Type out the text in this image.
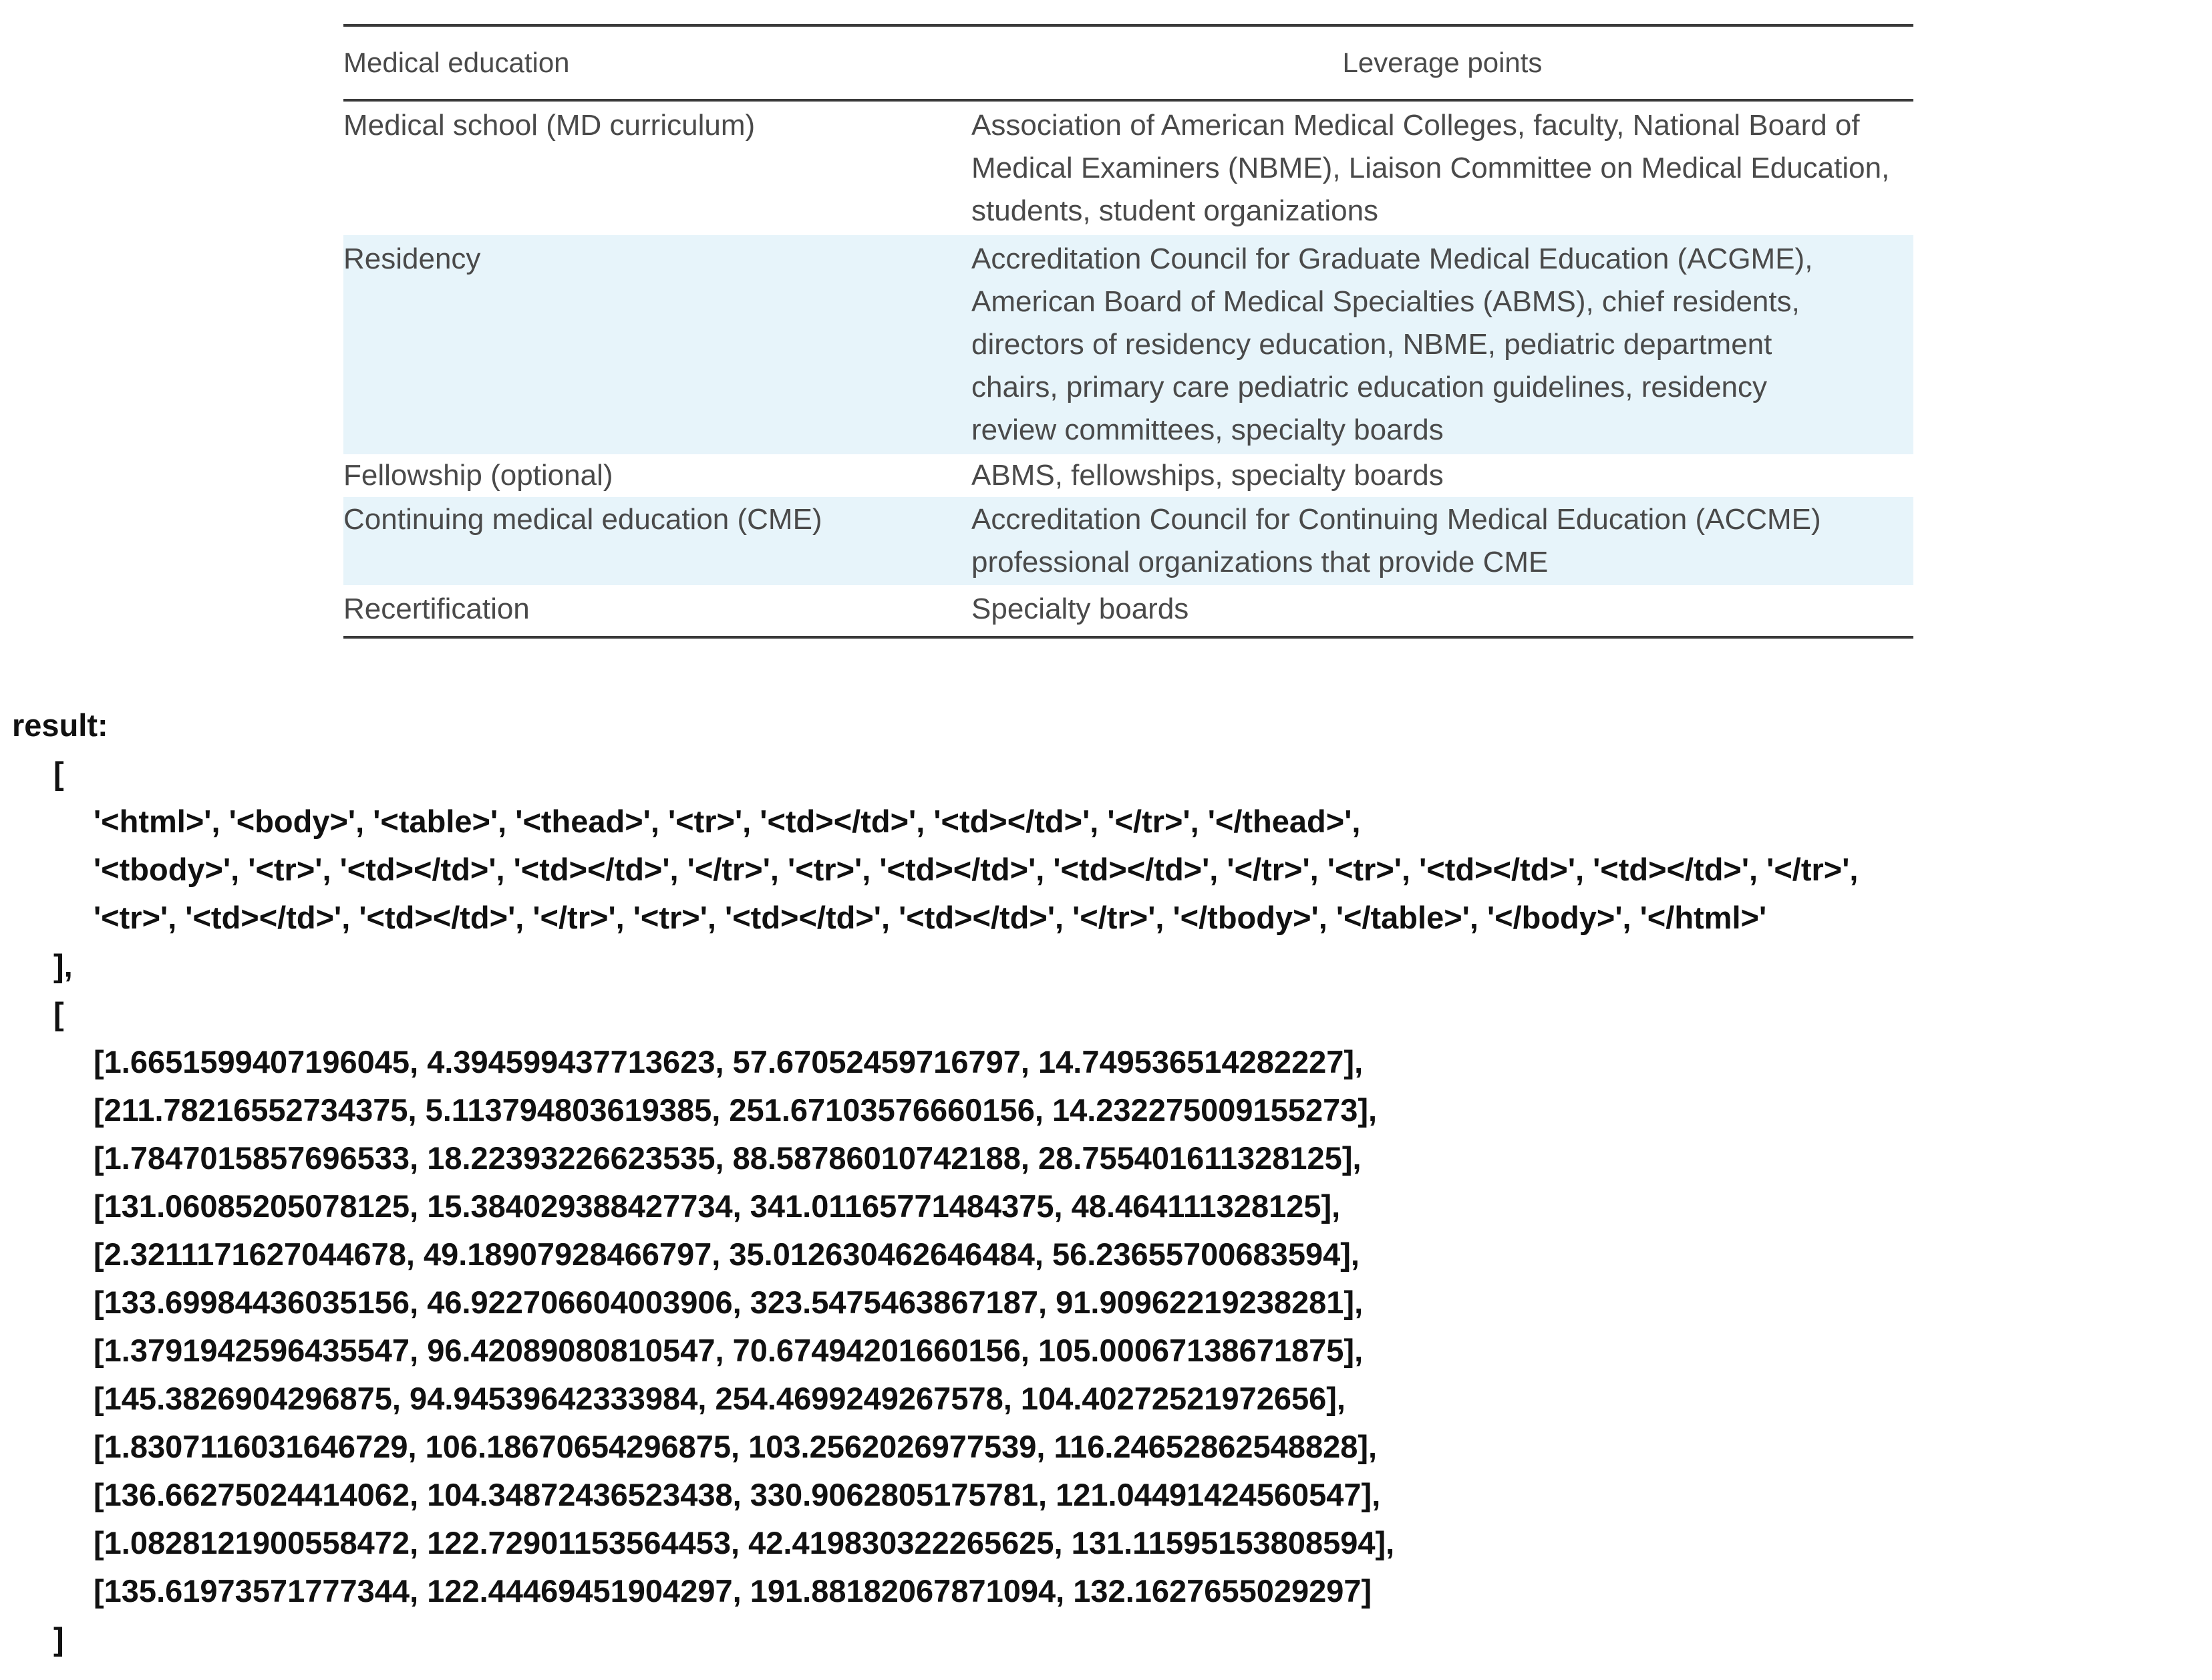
Medical education	Leverage points
Medical school (MD curriculum)	Association of American Medical Colleges, faculty, National Board of
Medical Examiners (NBME), Liaison Committee on Medical Education,
students, student organizations
Residency	Accreditation Council for Graduate Medical Education (ACGME),
American Board of Medical Specialties (ABMS), chief residents,
directors of residency education, NBME, pediatric department
chairs, primary care pediatric education guidelines, residency
review committees, specialty boards
Fellowship (optional)	ABMS, fellowships, specialty boards
Continuing medical education (CME)	Accreditation Council for Continuing Medical Education (ACCME)
professional organizations that provide CME
Recertification	Specialty boards
result:
[
'<html>', '<body>', '<table>', '<thead>', '<tr>', '<td></td>', '<td></td>', '</tr>', '</thead>',
'<tbody>', '<tr>', '<td></td>', '<td></td>', '</tr>', '<tr>', '<td></td>', '<td></td>', '</tr>', '<tr>', '<td></td>', '<td></td>', '</tr>',
'<tr>', '<td></td>', '<td></td>', '</tr>', '<tr>', '<td></td>', '<td></td>', '</tr>', '</tbody>', '</table>', '</body>', '</html>'
],
[
[1.6651599407196045, 4.394599437713623, 57.67052459716797, 14.749536514282227],
[211.78216552734375, 5.113794803619385, 251.67103576660156, 14.232275009155273],
[1.7847015857696533, 18.22393226623535, 88.58786010742188, 28.755401611328125],
[131.06085205078125, 15.384029388427734, 341.01165771484375, 48.464111328125],
[2.3211171627044678, 49.18907928466797, 35.012630462646484, 56.23655700683594],
[133.69984436035156, 46.922706604003906, 323.5475463867187, 91.90962219238281],
[1.3791942596435547, 96.42089080810547, 70.67494201660156, 105.00067138671875],
[145.3826904296875, 94.94539642333984, 254.4699249267578, 104.40272521972656],
[1.8307116031646729, 106.18670654296875, 103.2562026977539, 116.24652862548828],
[136.66275024414062, 104.34872436523438, 330.9062805175781, 121.04491424560547],
[1.0828121900558472, 122.72901153564453, 42.419830322265625, 131.11595153808594],
[135.61973571777344, 122.44469451904297, 191.88182067871094, 132.1627655029297]
]
